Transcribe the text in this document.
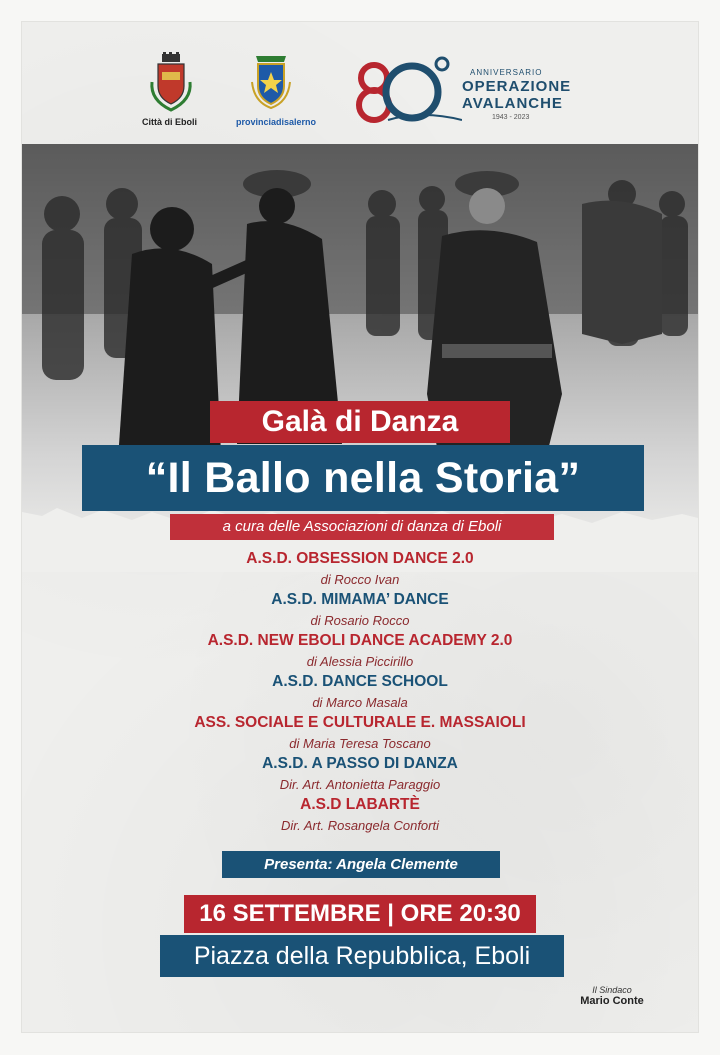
Città di Eboli	provinciadisalerno
ANNIVERSARIO
OPERAZIONE
AVALANCHE
1943 - 2023
Galà di Danza
“Il Ballo nella Storia”
a cura delle Associazioni di danza di Eboli
A.S.D. OBSESSION DANCE 2.0
di Rocco Ivan
A.S.D. MIMAMA’ DANCE
di Rosario Rocco
A.S.D. NEW EBOLI DANCE ACADEMY 2.0
di Alessia Piccirillo
A.S.D. DANCE SCHOOL
di Marco Masala
ASS. SOCIALE E CULTURALE E. MASSAIOLI
di Maria Teresa Toscano
A.S.D. A PASSO DI DANZA
Dir. Art. Antonietta Paraggio
A.S.D LABARTÈ
Dir. Art. Rosangela Conforti
Presenta: Angela Clemente
16 SETTEMBRE | ORE 20:30
Piazza della Repubblica, Eboli
Il Sindaco
Mario Conte
